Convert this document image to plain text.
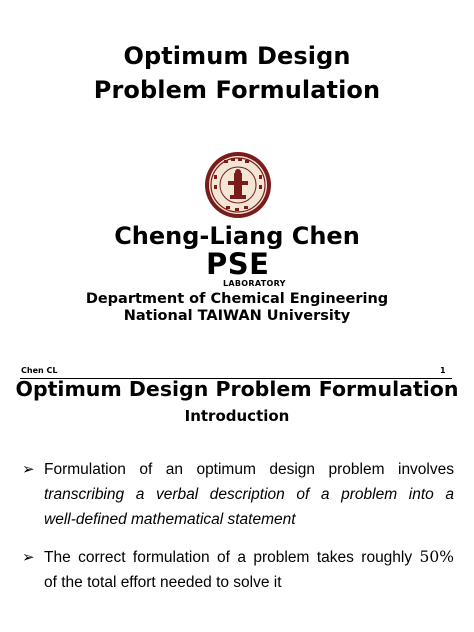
Optimum Design
Problem Formulation
Cheng-Liang Chen
PSE
LABORATORY
Department of Chemical Engineering
National TAIWAN University
Chen CL	1
Optimum Design Problem Formulation
Introduction
➢ Formulation of an optimum design problem involves
transcribing a verbal description of a problem into a
well-defined mathematical statement
➢ The correct formulation of a problem takes roughly 50%
of the total effort needed to solve it
